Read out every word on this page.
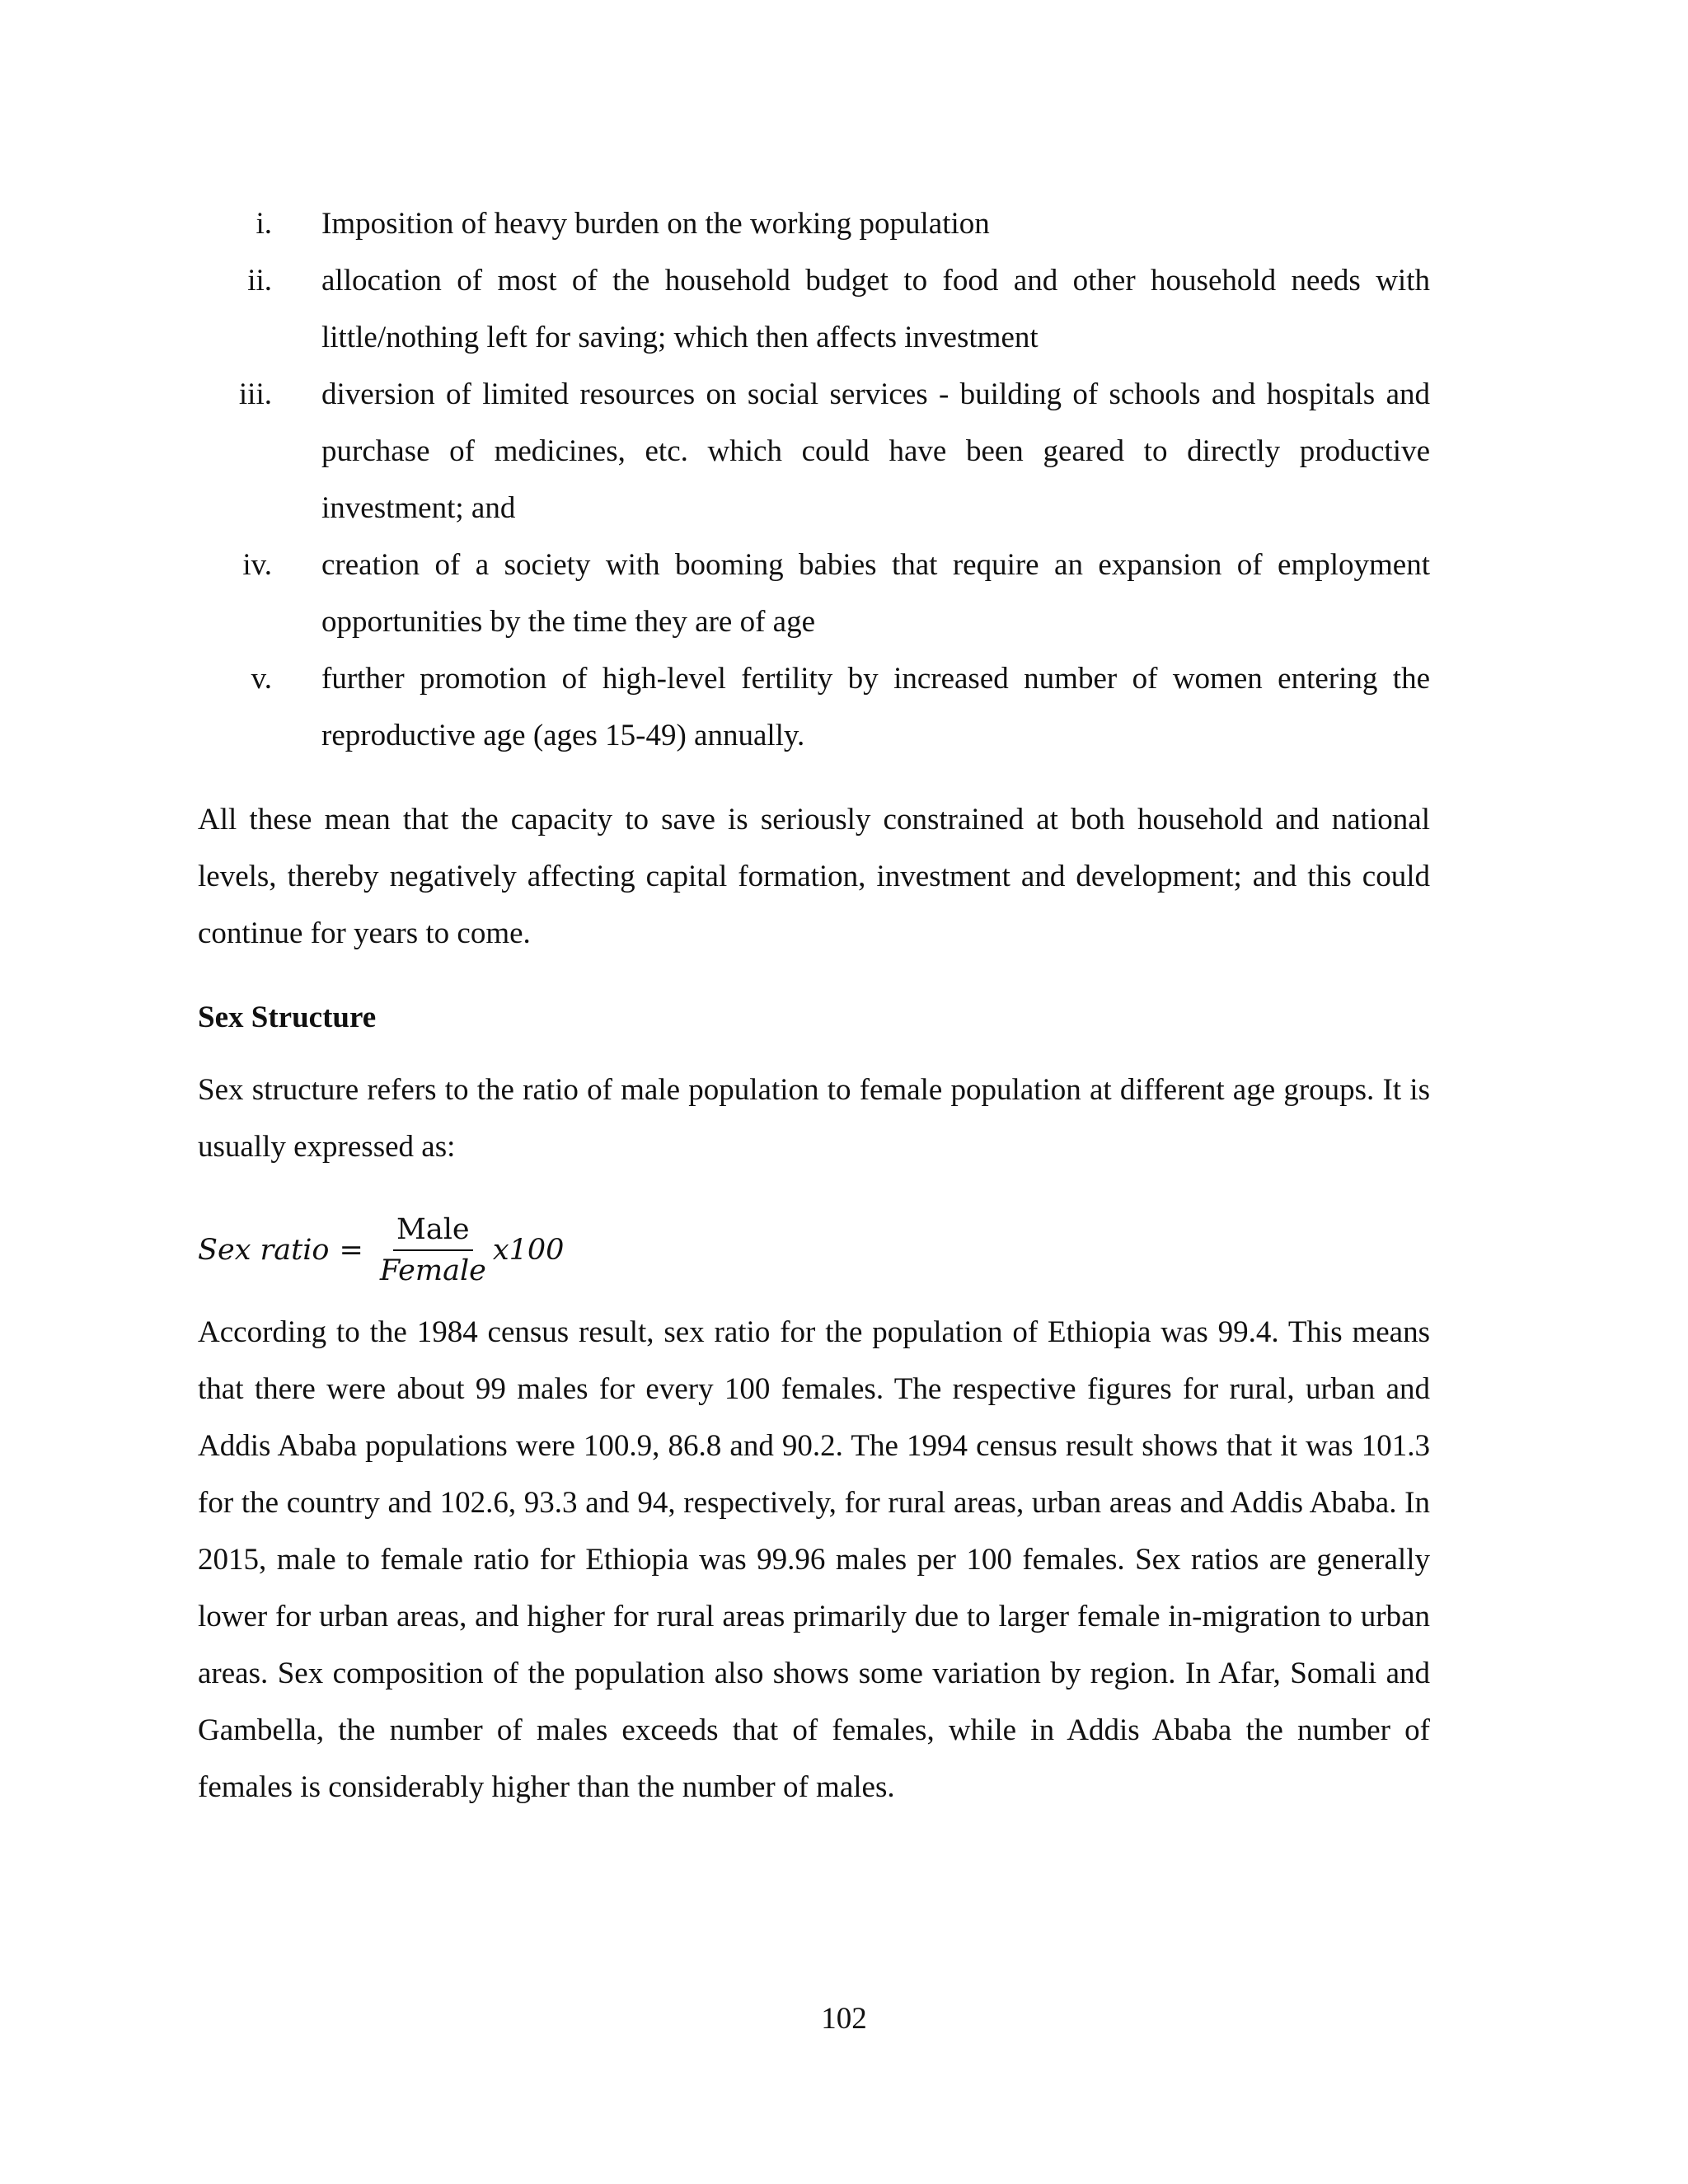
i. Imposition of heavy burden on the working population
ii. allocation of most of the household budget to food and other household needs with little/nothing left for saving; which then affects investment
iii. diversion of limited resources on social services - building of schools and hospitals and purchase of medicines, etc. which could have been geared to directly productive investment; and
iv. creation of a society with booming babies that require an expansion of employment opportunities by the time they are of age
v. further promotion of high-level fertility by increased number of women entering the reproductive age (ages 15-49) annually.

All these mean that the capacity to save is seriously constrained at both household and national levels, thereby negatively affecting capital formation, investment and development; and this could continue for years to come.

Sex Structure

Sex structure refers to the ratio of male population to female population at different age groups. It is usually expressed as:

Sex ratio = $\frac{\text{Male}}{\text{Female}} x100$

According to the 1984 census result, sex ratio for the population of Ethiopia was 99.4. This means that there were about 99 males for every 100 females. The respective figures for rural, urban and Addis Ababa populations were 100.9, 86.8 and 90.2. The 1994 census result shows that it was 101.3 for the country and 102.6, 93.3 and 94, respectively, for rural areas, urban areas and Addis Ababa. In 2015, male to female ratio for Ethiopia was 99.96 males per 100 females. Sex ratios are generally lower for urban areas, and higher for rural areas primarily due to larger female in-migration to urban areas. Sex composition of the population also shows some variation by region. In Afar, Somali and Gambella, the number of males exceeds that of females, while in Addis Ababa the number of females is considerably higher than the number of males.

102
